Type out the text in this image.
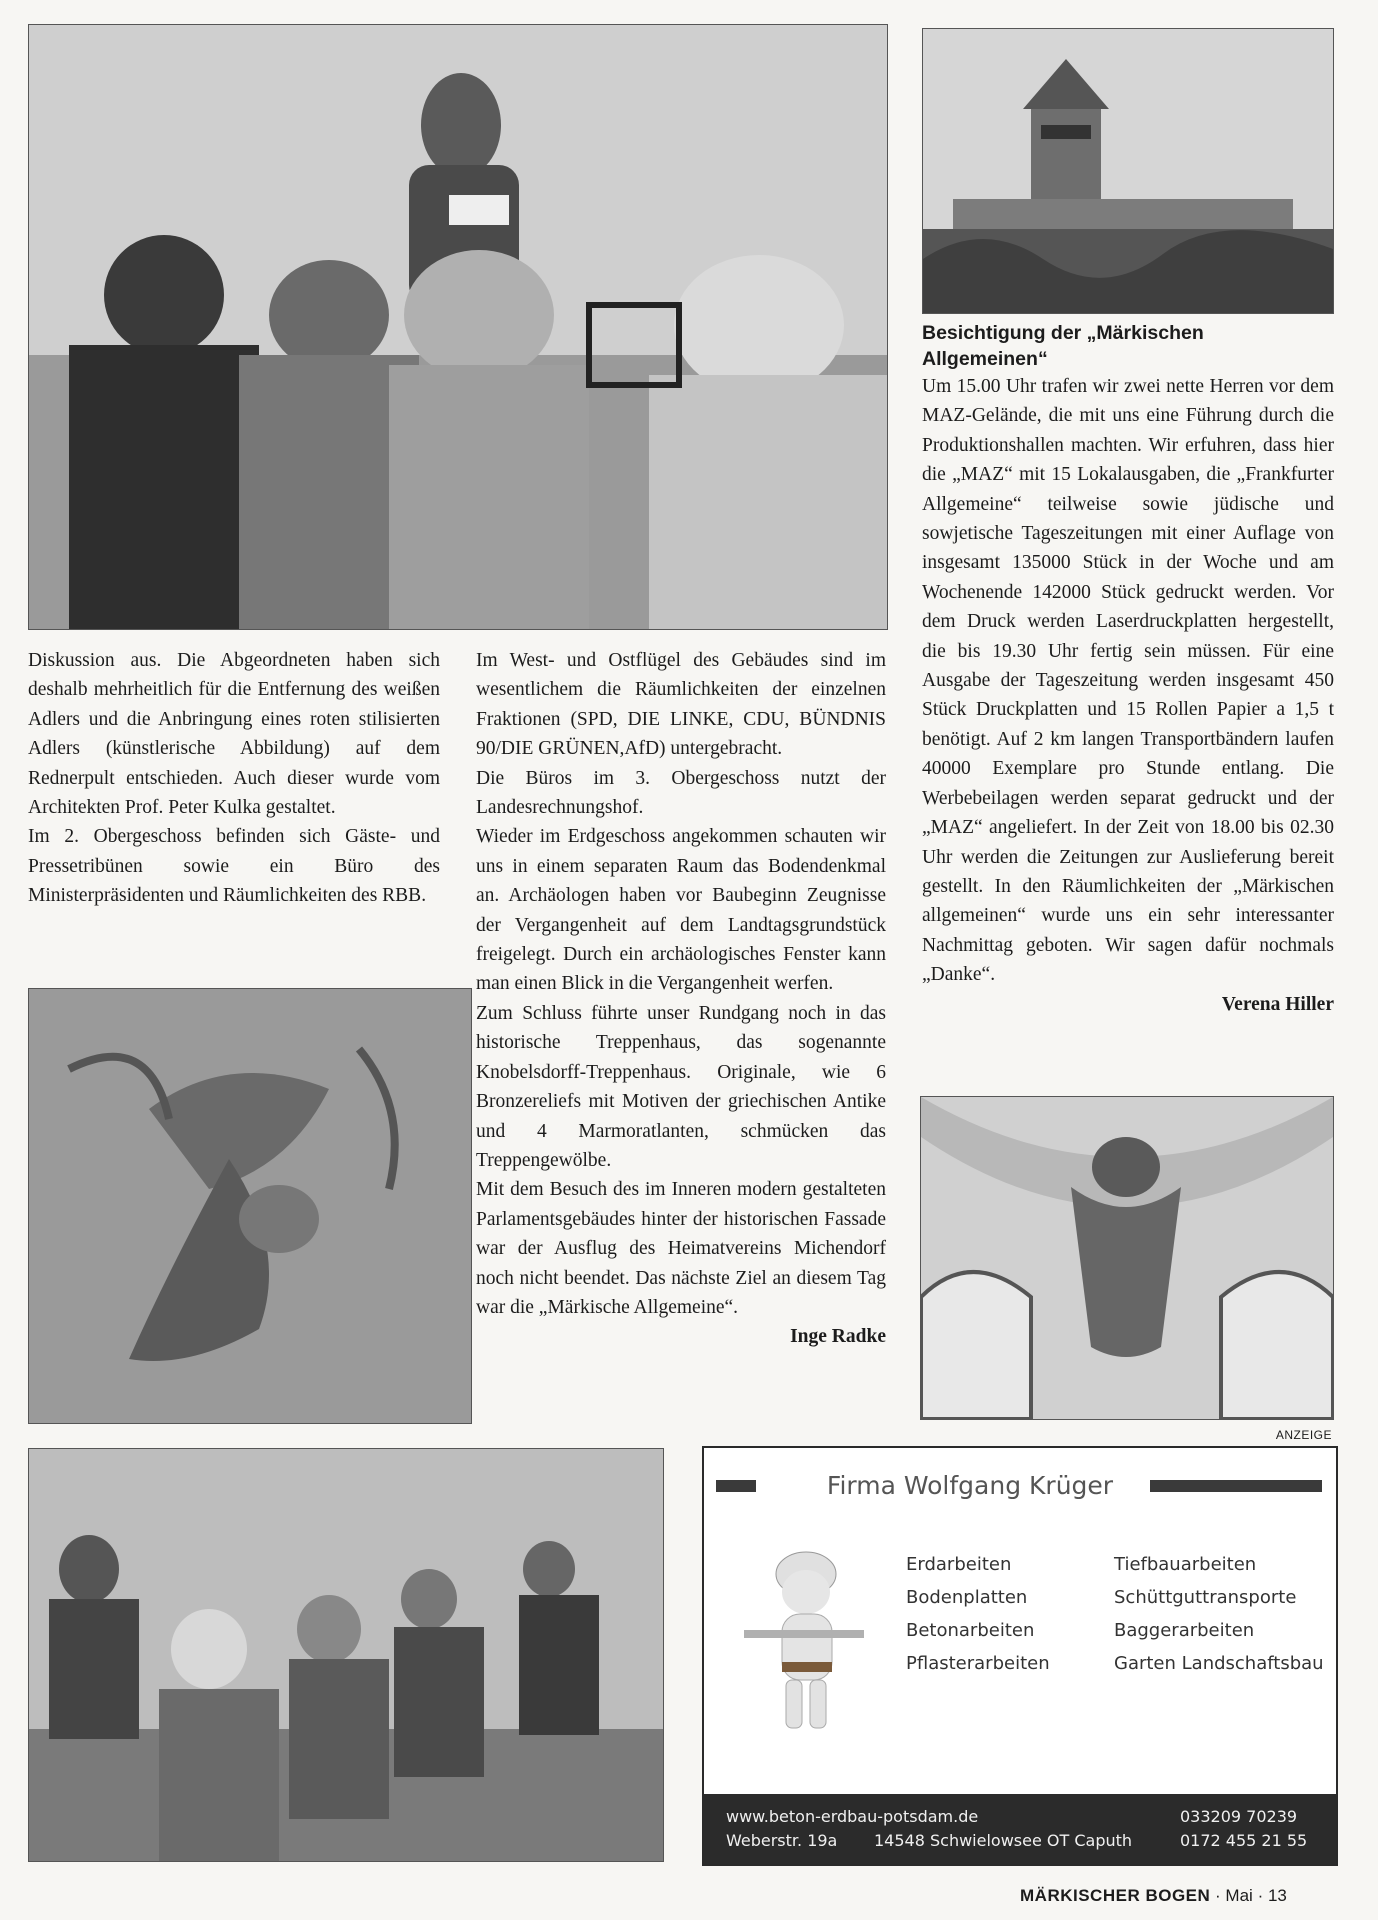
Diskussion aus. Die Abgeordneten haben sich deshalb mehrheitlich für die Entfernung des weißen Adlers und die Anbringung eines roten stilisierten Adlers (künstlerische Abbildung) auf dem Rednerpult entschieden. Auch dieser wurde vom Architekten Prof. Peter Kulka gestaltet.

Im 2. Obergeschoss befinden sich Gäste- und Pressetribünen sowie ein Büro des Ministerpräsidenten und Räumlichkeiten des RBB.

Im West- und Ostflügel des Gebäudes sind im wesentlichem die Räumlichkeiten der einzelnen Fraktionen (SPD, DIE LINKE, CDU, BÜNDNIS 90/DIE GRÜNEN,AfD) untergebracht.

Die Büros im 3. Obergeschoss nutzt der Landesrechnungshof.

Wieder im Erdgeschoss angekommen schauten wir uns in einem separaten Raum das Bodendenkmal an. Archäologen haben vor Baubeginn Zeugnisse der Vergangenheit auf dem Landtagsgrundstück freigelegt. Durch ein archäologisches Fenster kann man einen Blick in die Vergangenheit werfen.

Zum Schluss führte unser Rundgang noch in das historische Treppenhaus, das sogenannte Knobelsdorff-Treppenhaus. Originale, wie 6 Bronzereliefs mit Motiven der griechischen Antike und 4 Marmoratlanten, schmücken das Treppengewölbe.

Mit dem Besuch des im Inneren modern gestalteten Parlamentsgebäudes hinter der historischen Fassade war der Ausflug des Heimatvereins Michendorf noch nicht beendet. Das nächste Ziel an diesem Tag war die „Märkische Allgemeine“.

Inge Radke

Besichtigung der „Märkischen Allgemeinen“

Um 15.00 Uhr trafen wir zwei nette Herren vor dem MAZ-Gelände, die mit uns eine Führung durch die Produktionshallen machten. Wir erfuhren, dass hier die „MAZ“ mit 15 Lokalausgaben, die „Frankfurter Allgemeine“ teilweise sowie jüdische und sowjetische Tageszeitungen mit einer Auflage von insgesamt 135000 Stück in der Woche und am Wochenende 142000 Stück gedruckt werden. Vor dem Druck werden Laserdruckplatten hergestellt, die bis 19.30 Uhr fertig sein müssen. Für eine Ausgabe der Tageszeitung werden insgesamt 450 Stück Druckplatten und 15 Rollen Papier a 1,5 t benötigt. Auf 2 km langen Transportbändern laufen 40000 Exemplare pro Stunde entlang. Die Werbebeilagen werden separat gedruckt und der „MAZ“ angeliefert. In der Zeit von 18.00 bis 02.30 Uhr werden die Zeitungen zur Auslieferung bereit gestellt. In den Räumlichkeiten der „Märkischen allgemeinen“ wurde uns ein sehr interessanter Nachmittag geboten. Wir sagen dafür nochmals „Danke“.

Verena Hiller

ANZEIGE
Firma Wolfgang Krüger
Erdarbeiten
Bodenplatten
Betonarbeiten
Pflasterarbeiten
Tiefbauarbeiten
Schüttguttransporte
Baggerarbeiten
Garten Landschaftsbau
www.beton-erdbau-potsdam.de
Weberstr. 19a 14548 Schwielowsee OT Caputh
033209 70239
0172 455 21 55
MÄRKISCHER BOGEN · Mai · 13
